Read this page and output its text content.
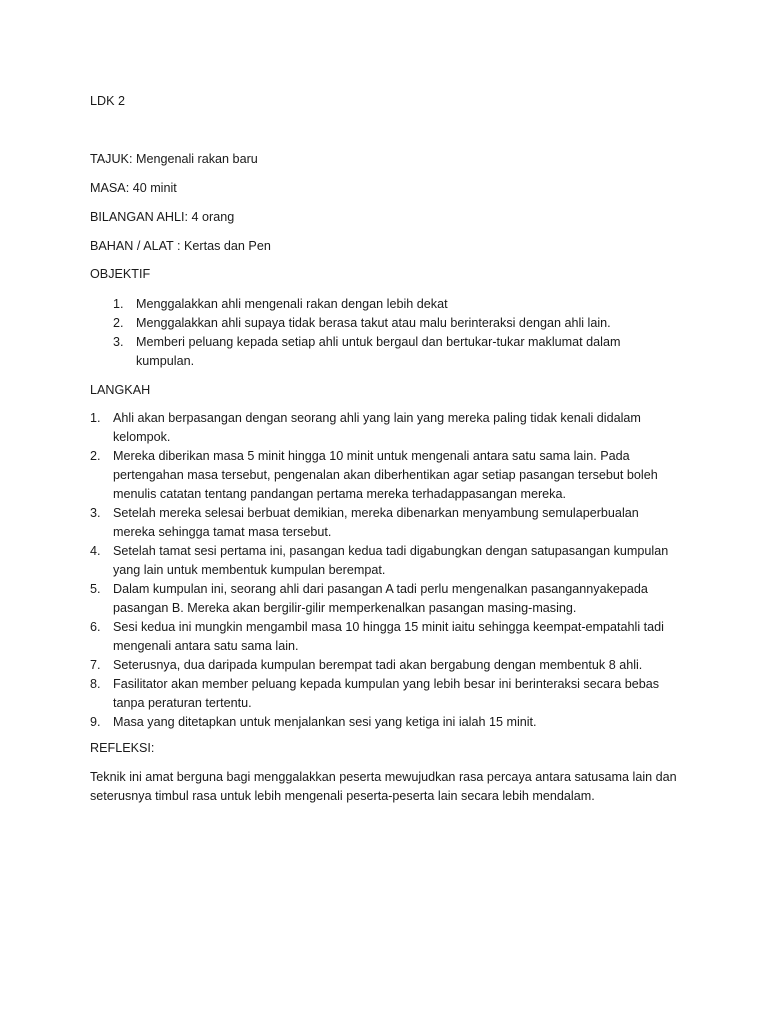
LDK 2

TAJUK: Mengenali rakan baru

MASA: 40 minit

BILANGAN AHLI: 4 orang

BAHAN / ALAT : Kertas dan Pen

OBJEKTIF

1. Menggalakkan ahli mengenali rakan dengan lebih dekat
2. Menggalakkan ahli supaya tidak berasa takut atau malu berinteraksi dengan ahli lain.
3. Memberi peluang kepada setiap ahli untuk bergaul dan bertukar-tukar maklumat dalam kumpulan.

LANGKAH

1. Ahli akan berpasangan dengan seorang ahli yang lain yang mereka paling tidak kenali didalam kelompok.
2. Mereka diberikan masa 5 minit hingga 10 minit untuk mengenali antara satu sama lain. Pada pertengahan masa tersebut, pengenalan akan diberhentikan agar setiap pasangan tersebut boleh menulis catatan tentang pandangan pertama mereka terhadappasangan mereka.
3. Setelah mereka selesai berbuat demikian, mereka dibenarkan menyambung semulaperbualan mereka sehingga tamat masa tersebut.
4. Setelah tamat sesi pertama ini, pasangan kedua tadi digabungkan dengan satupasangan kumpulan yang lain untuk membentuk kumpulan berempat.
5. Dalam kumpulan ini, seorang ahli dari pasangan A tadi perlu mengenalkan pasangannyakepada pasangan B. Mereka akan bergilir-gilir memperkenalkan pasangan masing-masing.
6. Sesi kedua ini mungkin mengambil masa 10 hingga 15 minit iaitu sehingga keempat-empatahli tadi mengenali antara satu sama lain.
7. Seterusnya, dua daripada kumpulan berempat tadi akan bergabung dengan membentuk 8 ahli.
8. Fasilitator akan member peluang kepada kumpulan yang lebih besar ini berinteraksi secara bebas tanpa peraturan tertentu.
9. Masa yang ditetapkan untuk menjalankan sesi yang ketiga ini ialah 15 minit.

REFLEKSI:

Teknik ini amat berguna bagi menggalakkan peserta mewujudkan rasa percaya antara satusama lain dan seterusnya timbul rasa untuk lebih mengenali peserta-peserta lain secara lebih mendalam.
